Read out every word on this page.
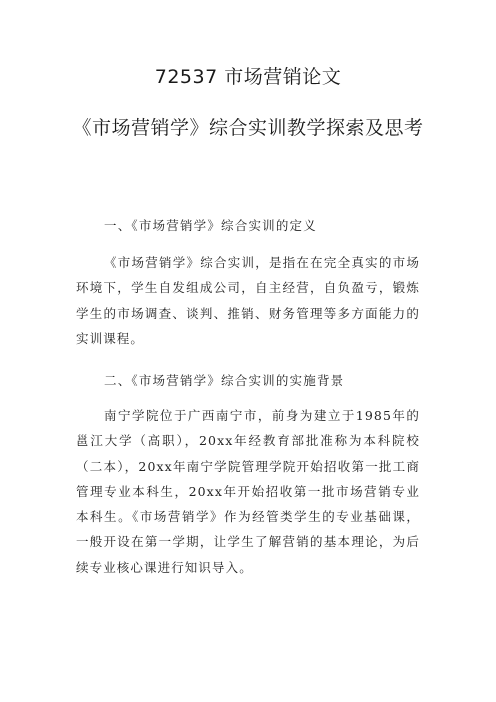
72537 市场营销论文
《市场营销学》综合实训教学探索及思考
一、《市场营销学》综合实训的定义

《市场营销学》综合实训，是指在在完全真实的市场环境下，学生自发组成公司，自主经营，自负盈亏，锻炼学生的市场调查、谈判、推销、财务管理等多方面能力的实训课程。

二、《市场营销学》综合实训的实施背景

南宁学院位于广西南宁市，前身为建立于1985年的邕江大学（高职），20xx年经教育部批准称为本科院校（二本），20xx年南宁学院管理学院开始招收第一批工商管理专业本科生，20xx年开始招收第一批市场营销专业本科生。《市场营销学》作为经管类学生的专业基础课，一般开设在第一学期，让学生了解营销的基本理论，为后续专业核心课进行知识导入。
